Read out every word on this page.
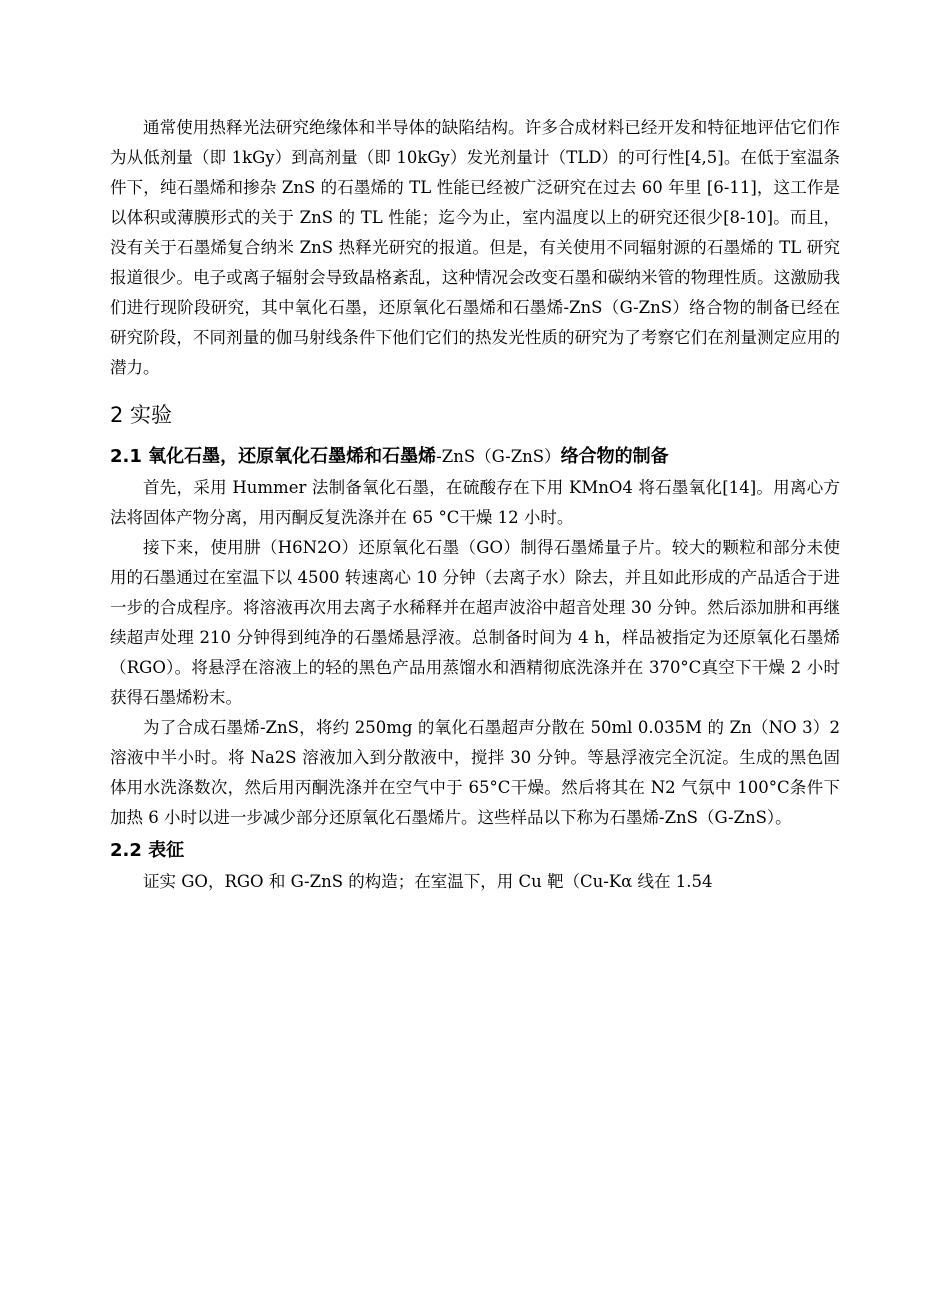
通常使用热释光法研究绝缘体和半导体的缺陷结构。许多合成材料已经开发和特征地评估它们作为从低剂量（即 1kGy）到高剂量（即 10kGy）发光剂量计（TLD）的可行性[4,5]。在低于室温条件下，纯石墨烯和掺杂 ZnS 的石墨烯的 TL 性能已经被广泛研究在过去 60 年里 [6-11]，这工作是以体积或薄膜形式的关于 ZnS 的 TL 性能；迄今为止，室内温度以上的研究还很少[8-10]。而且，没有关于石墨烯复合纳米 ZnS 热释光研究的报道。但是，有关使用不同辐射源的石墨烯的 TL 研究报道很少。电子或离子辐射会导致晶格紊乱，这种情况会改变石墨和碳纳米管的物理性质。这激励我们进行现阶段研究，其中氧化石墨，还原氧化石墨烯和石墨烯-ZnS（G-ZnS）络合物的制备已经在研究阶段，不同剂量的伽马射线条件下他们它们的热发光性质的研究为了考察它们在剂量测定应用的潜力。

2 实验
2.1 氧化石墨，还原氧化石墨烯和石墨烯-ZnS（G-ZnS）络合物的制备

首先，采用 Hummer 法制备氧化石墨，在硫酸存在下用 KMnO4 将石墨氧化[14]。用离心方法将固体产物分离，用丙酮反复洗涤并在 65 °C干燥 12 小时。

接下来，使用肼（H6N2O）还原氧化石墨（GO）制得石墨烯量子片。较大的颗粒和部分未使用的石墨通过在室温下以 4500 转速离心 10 分钟（去离子水）除去，并且如此形成的产品适合于进一步的合成程序。将溶液再次用去离子水稀释并在超声波浴中超音处理 30 分钟。然后添加肼和再继续超声处理 210 分钟得到纯净的石墨烯悬浮液。总制备时间为 4 h，样品被指定为还原氧化石墨烯（RGO）。将悬浮在溶液上的轻的黑色产品用蒸馏水和酒精彻底洗涤并在 370°C真空下干燥 2 小时获得石墨烯粉末。

为了合成石墨烯-ZnS，将约 250mg 的氧化石墨超声分散在 50ml 0.035M 的 Zn（NO 3）2 溶液中半小时。将 Na2S 溶液加入到分散液中，搅拌 30 分钟。等悬浮液完全沉淀。生成的黑色固体用水洗涤数次，然后用丙酮洗涤并在空气中于 65°C干燥。然后将其在 N2 气氛中 100°C条件下加热 6 小时以进一步减少部分还原氧化石墨烯片。这些样品以下称为石墨烯-ZnS（G-ZnS）。

2.2 表征

证实 GO，RGO 和 G-ZnS 的构造；在室温下，用 Cu 靶（Cu-Kα 线在 1.54
